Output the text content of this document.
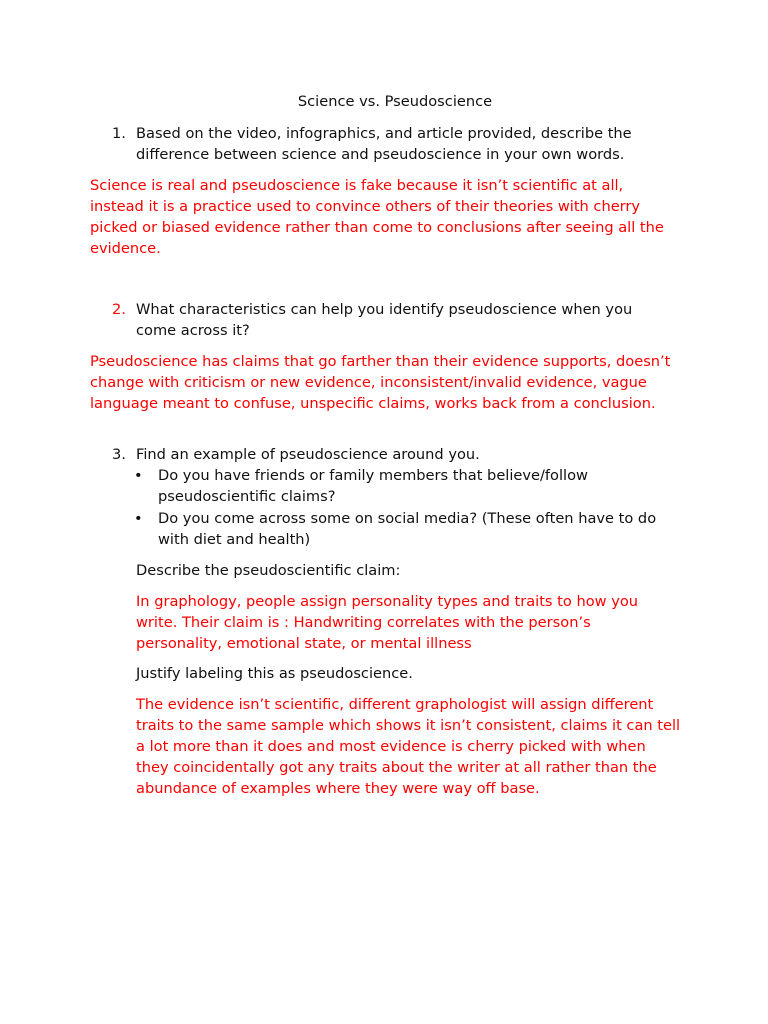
Science vs. Pseudoscience
1. Based on the video, infographics, and article provided, describe the difference between science and pseudoscience in your own words.
Science is real and pseudoscience is fake because it isn’t scientific at all, instead it is a practice used to convince others of their theories with cherry picked or biased evidence rather than come to conclusions after seeing all the evidence.
2. What characteristics can help you identify pseudoscience when you come across it?
Pseudoscience has claims that go farther than their evidence supports, doesn’t change with criticism or new evidence, inconsistent/invalid evidence, vague language meant to confuse, unspecific claims, works back from a conclusion.
3. Find an example of pseudoscience around you.
• Do you have friends or family members that believe/follow pseudoscientific claims?
• Do you come across some on social media? (These often have to do with diet and health)
Describe the pseudoscientific claim:
In graphology, people assign personality types and traits to how you write. Their claim is : Handwriting correlates with the person’s personality, emotional state, or mental illness
Justify labeling this as pseudoscience.
The evidence isn’t scientific, different graphologist will assign different traits to the same sample which shows it isn’t consistent, claims it can tell a lot more than it does and most evidence is cherry picked with when they coincidentally got any traits about the writer at all rather than the abundance of examples where they were way off base.
